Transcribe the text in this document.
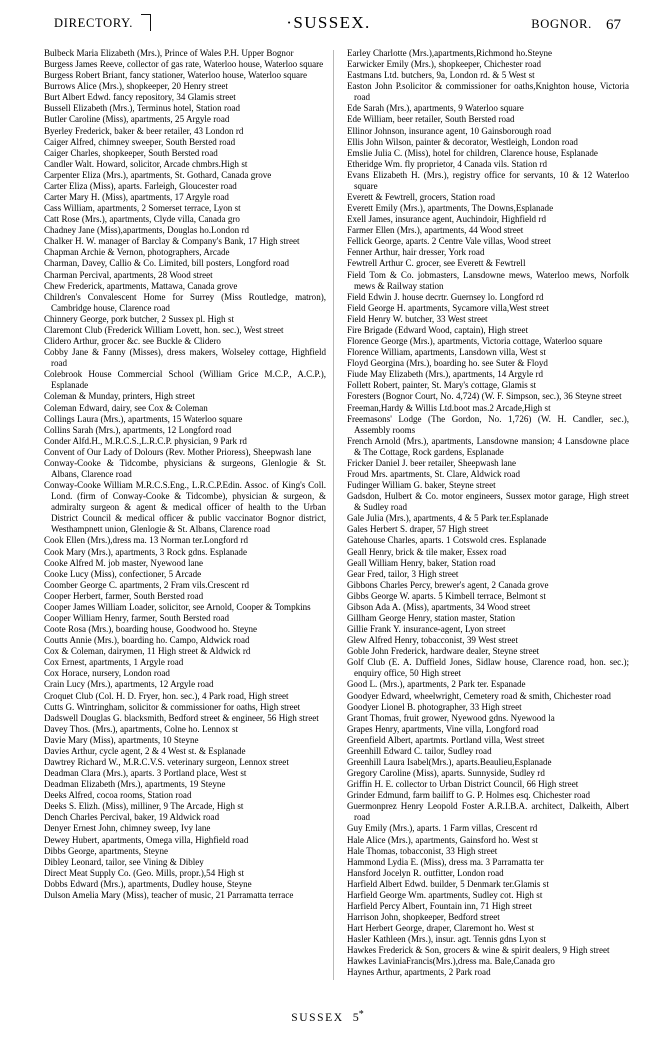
DIRECTORY.	·SUSSEX.	BOGNOR. 67

Bulbeck Maria Elizabeth (Mrs.), Prince of Wales P.H. Upper Bognor

Burgess James Reeve, collector of gas rate, Waterloo house, Waterloo square

Burgess Robert Briant, fancy stationer, Waterloo house, Waterloo square

Burrows Alice (Mrs.), shopkeeper, 20 Henry street

Burt Albert Edwd. fancy repository, 34 Glamis street

Bussell Elizabeth (Mrs.), Terminus hotel, Station road

Butler Caroline (Miss), apartments, 25 Argyle road

Byerley Frederick, baker & beer retailer, 43 London rd

Caiger Alfred, chimney sweeper, South Bersted road

Caiger Charles, shopkeeper, South Bersted road

Candler Walt. Howard, solicitor, Arcade chmbrs.High st

Carpenter Eliza (Mrs.), apartments, St. Gothard, Canada grove

Carter Eliza (Miss), aparts. Farleigh, Gloucester road

Carter Mary H. (Miss), apartments, 17 Argyle road

Cass William, apartments, 2 Somerset terrace, Lyon st

Catt Rose (Mrs.), apartments, Clyde villa, Canada gro

Chadney Jane (Miss),apartments, Douglas ho.London rd

Chalker H. W. manager of Barclay & Company's Bank, 17 High street

Chapman Archie & Vernon, photographers, Arcade

Charman, Davey, Callio & Co. Limited, bill posters, Longford road

Charman Percival, apartments, 28 Wood street

Chew Frederick, apartments, Mattawa, Canada grove

Children's Convalescent Home for Surrey (Miss Routledge, matron), Cambridge house, Clarence road

Chinnery George, pork butcher, 2 Sussex pl. High st

Claremont Club (Frederick William Lovett, hon. sec.), West street

Clidero Arthur, grocer &c. see Buckle & Clidero

Cobby Jane & Fanny (Misses), dress makers, Wolseley cottage, Highfield road

Colebrook House Commercial School (William Grice M.C.P., A.C.P.), Esplanade

Coleman & Munday, printers, High street

Coleman Edward, dairy, see Cox & Coleman

Collings Laura (Mrs.), apartments, 15 Waterloo square

Collins Sarah (Mrs.), apartments, 12 Longford road

Conder Alfd.H., M.R.C.S.,L.R.C.P. physician, 9 Park rd

Convent of Our Lady of Dolours (Rev. Mother Prioress), Sheepwash lane

Conway-Cooke & Tidcombe, physicians & surgeons, Glenlogie & St. Albans, Clarence road

Conway-Cooke William M.R.C.S.Eng., L.R.C.P.Edin. Assoc. of King's Coll. Lond. (firm of Conway-Cooke & Tidcombe), physician & surgeon, & admiralty surgeon & agent & medical officer of health to the Urban District Council & medical officer & public vaccinator Bognor district, Westhampnett union, Glenlogie & St. Albans, Clarence road

Cook Ellen (Mrs.),dress ma. 13 Norman ter.Longford rd

Cook Mary (Mrs.), apartments, 3 Rock gdns. Esplanade

Cooke Alfred M. job master, Nyewood lane

Cooke Lucy (Miss), confectioner, 5 Arcade

Coomber George C. apartments, 2 Fram vils.Crescent rd

Cooper Herbert, farmer, South Bersted road

Cooper James William Loader, solicitor, see Arnold, Cooper & Tompkins

Cooper William Henry, farmer, South Bersted road

Coote Rosa (Mrs.), boarding house, Goodwood ho. Steyne

Coutts Annie (Mrs.), boarding ho. Campo, Aldwick road

Cox & Coleman, dairymen, 11 High street & Aldwick rd

Cox Ernest, apartments, 1 Argyle road

Cox Horace, nursery, London road

Crain Lucy (Mrs.), apartments, 12 Argyle road

Croquet Club (Col. H. D. Fryer, hon. sec.), 4 Park road, High street

Cutts G. Wintringham, solicitor & commissioner for oaths, High street

Dadswell Douglas G. blacksmith, Bedford street & engineer, 56 High street

Davey Thos. (Mrs.), apartments, Colne ho. Lennox st

Davie Mary (Miss), apartments, 10 Steyne

Davies Arthur, cycle agent, 2 & 4 West st. & Esplanade

Dawtrey Richard W., M.R.C.V.S. veterinary surgeon, Lennox street

Deadman Clara (Mrs.), aparts. 3 Portland place, West st

Deadman Elizabeth (Mrs.), apartments, 19 Steyne

Deeks Alfred, cocoa rooms, Station road

Deeks S. Elizh. (Miss), milliner, 9 The Arcade, High st

Dench Charles Percival, baker, 19 Aldwick road

Denyer Ernest John, chimney sweep, Ivy lane

Dewey Hubert, apartments, Omega villa, Highfield road

Dibbs George, apartments, Steyne

Dibley Leonard, tailor, see Vining & Dibley

Direct Meat Supply Co. (Geo. Mills, propr.),54 High st

Dobbs Edward (Mrs.), apartments, Dudley house, Steyne

Dulson Amelia Mary (Miss), teacher of music, 21 Parramatta terrace

Earley Charlotte (Mrs.),apartments,Richmond ho.Steyne

Earwicker Emily (Mrs.), shopkeeper, Chichester road

Eastmans Ltd. butchers, 9a, London rd. & 5 West st

Easton John P.solicitor & commissioner for oaths,Knighton house, Victoria road

Ede Sarah (Mrs.), apartments, 9 Waterloo square

Ede William, beer retailer, South Bersted road

Ellinor Johnson, insurance agent, 10 Gainsborough road

Ellis John Wilson, painter & decorator, Westleigh, London road

Emslie Julia C. (Miss), hotel for children, Clarence house, Esplanade

Etheridge Wm. fly proprietor, 4 Canada vils. Station rd

Evans Elizabeth H. (Mrs.), registry office for servants, 10 & 12 Waterloo square

Everett & Fewtrell, grocers, Station road

Everett Emily (Mrs.), apartments, The Downs,Esplanade

Exell James, insurance agent, Auchindoir, Highfield rd

Farmer Ellen (Mrs.), apartments, 44 Wood street

Fellick George, aparts. 2 Centre Vale villas, Wood street

Fenner Arthur, hair dresser, York road

Fewtrell Arthur C. grocer, see Everett & Fewtrell

Field Tom & Co. jobmasters, Lansdowne mews, Waterloo mews, Norfolk mews & Railway station

Field Edwin J. house decrtr. Guernsey lo. Longford rd

Field George H. apartments, Sycamore villa,West street

Field Henry W. butcher, 33 West street

Fire Brigade (Edward Wood, captain), High street

Florence George (Mrs.), apartments, Victoria cottage, Waterloo square

Florence William, apartments, Lansdown villa, West st

Floyd Georgina (Mrs.), boarding ho. see Suter & Floyd

Fiude May Elizabeth (Mrs.), apartments, 14 Argyle rd

Follett Robert, painter, St. Mary's cottage, Glamis st

Foresters (Bognor Court, No. 4,724) (W. F. Simpson, sec.), 36 Steyne street

Freeman,Hardy & Willis Ltd.boot mas.2 Arcade,High st

Freemasons' Lodge (The Gordon, No. 1,726) (W. H. Candler, sec.), Assembly rooms

French Arnold (Mrs.), apartments, Lansdowne mansion; 4 Lansdowne place & The Cottage, Rock gardens, Esplanade

Fricker Daniel J. beer retailer, Sheepwash lane

Froud Mrs. apartments, St. Clare, Aldwick road

Fudinger William G. baker, Steyne street

Gadsdon, Hulbert & Co. motor engineers, Sussex motor garage, High street & Sudley road

Gale Julia (Mrs.), apartments, 4 & 5 Park ter.Esplanade

Gales Herbert S. draper, 57 High street

Gatehouse Charles, aparts. 1 Cotswold cres. Esplanade

Geall Henry, brick & tile maker, Essex road

Geall William Henry, baker, Station road

Gear Fred, tailor, 3 High street

Gibbons Charles Percy, brewer's agent, 2 Canada grove

Gibbs George W. aparts. 5 Kimbell terrace, Belmont st

Gibson Ada A. (Miss), apartments, 34 Wood street

Gillham George Henry, station master, Station

Gillie Frank Y. insurance-agent, Lyon street

Glew Alfred Henry, tobacconist, 39 West street

Goble John Frederick, hardware dealer, Steyne street

Golf Club (E. A. Duffield Jones, Sidlaw house, Clarence road, hon. sec.); enquiry office, 50 High street

Good L. (Mrs.), apartments, 2 Park ter. Espanade

Goodyer Edward, wheelwright, Cemetery road & smith, Chichester road

Goodyer Lionel B. photographer, 33 High street

Grant Thomas, fruit grower, Nyewood gdns. Nyewood la

Grapes Henry, apartments, Vine villa, Longford road

Greenfield Albert, apartmts. Portland villa, West street

Greenhill Edward C. tailor, Sudley road

Greenhill Laura Isabel(Mrs.), aparts.Beaulieu,Esplanade

Gregory Caroline (Miss), aparts. Sunnyside, Sudley rd

Griffin H. E. collector to Urban District Council, 66 High street

Grinder Edmund, farm bailiff to G. P. Holmes esq. Chichester road

Guermonprez Henry Leopold Foster A.R.I.B.A. architect, Dalkeith, Albert road

Guy Emily (Mrs.), aparts. 1 Farm villas, Crescent rd

Hale Alice (Mrs.), apartments, Gainsford ho. West st

Hale Thomas, tobacconist, 33 High street

Hammond Lydia E. (Miss), dress ma. 3 Parramatta ter

Hansford Jocelyn R. outfitter, London road

Harfield Albert Edwd. builder, 5 Denmark ter.Glamis st

Harfield George Wm. apartments, Sudley cot. High st

Harfield Percy Albert, Fountain inn, 71 High street

Harrison John, shopkeeper, Bedford street

Hart Herbert George, draper, Claremont ho. West st

Hasler Kathleen (Mrs.), insur. agt. Tennis gdns Lyon st

Hawkes Frederick & Son, grocers & wine & spirit dealers, 9 High street

Hawkes LaviniaFrancis(Mrs.),dress ma. Bale,Canada gro

Haynes Arthur, apartments, 2 Park road

SUSSEX 5*
